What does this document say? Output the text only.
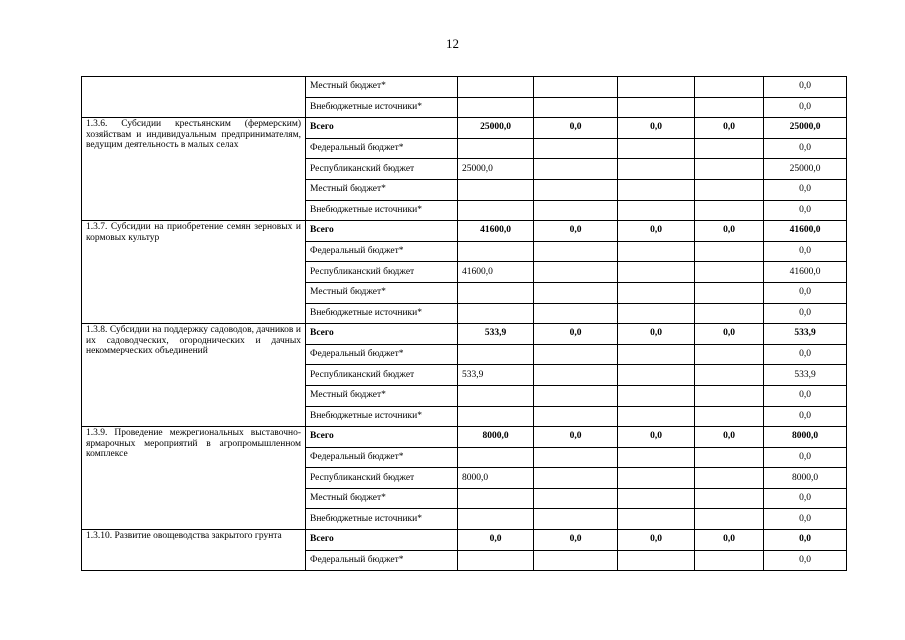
12
	Местный бюджет*					0,0
	Внебюджетные источники*					0,0
1.3.6. Субсидии крестьянским (фермерским) хозяйствам и индивидуальным предпринимателям, ведущим деятельность в малых селах	Всего	25000,0	0,0	0,0	0,0	25000,0
	Федеральный бюджет*					0,0
	Республиканский бюджет	25000,0				25000,0
	Местный бюджет*					0,0
	Внебюджетные источники*					0,0
1.3.7. Субсидии на приобретение семян зерновых и кормовых культур	Всего	41600,0	0,0	0,0	0,0	41600,0
	Федеральный бюджет*					0,0
	Республиканский бюджет	41600,0				41600,0
	Местный бюджет*					0,0
	Внебюджетные источники*					0,0
1.3.8. Субсидии на поддержку садоводов, дачников и их садоводческих, огороднических и дачных некоммерческих объединений	Всего	533,9	0,0	0,0	0,0	533,9
	Федеральный бюджет*					0,0
	Республиканский бюджет	533,9				533,9
	Местный бюджет*					0,0
	Внебюджетные источники*					0,0
1.3.9. Проведение межрегиональных выставочно-ярмарочных мероприятий в агропромышленном комплексе	Всего	8000,0	0,0	0,0	0,0	8000,0
	Федеральный бюджет*					0,0
	Республиканский бюджет	8000,0				8000,0
	Местный бюджет*					0,0
	Внебюджетные источники*					0,0
1.3.10. Развитие овощеводства закрытого грунта	Всего	0,0	0,0	0,0	0,0	0,0
	Федеральный бюджет*					0,0
